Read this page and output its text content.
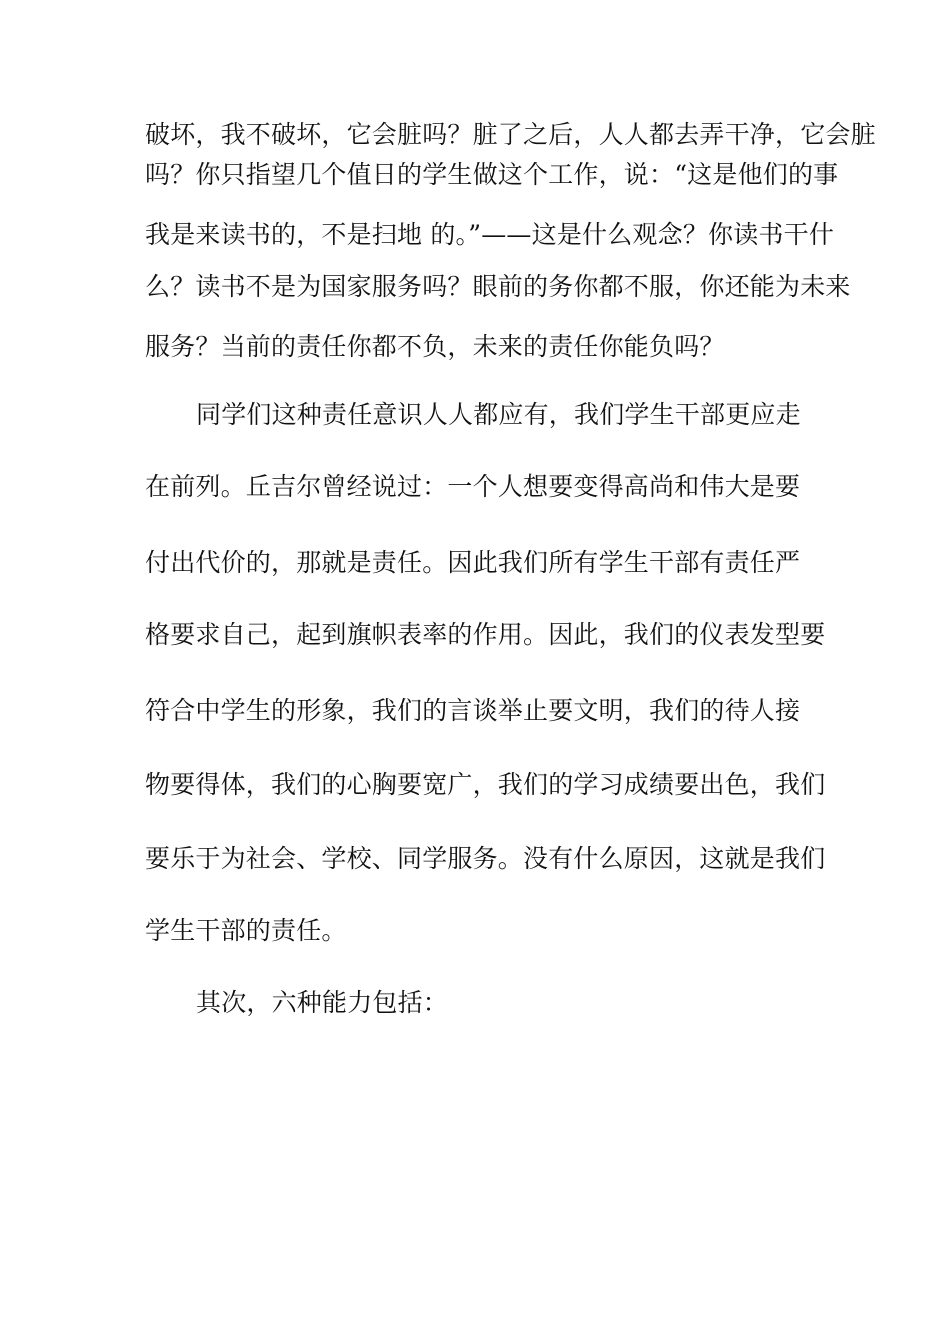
破坏，我不破坏，它会脏吗？脏了之后，人人都去弄干净，它会脏
吗？你只指望几个值日的学生做这个工作，说：“这是他们的事
我是来读书的，不是扫地 的。”——这是什么观念？你读书干什
么？读书不是为国家服务吗？眼前的务你都不服，你还能为未来
服务？当前的责任你都不负，未来的责任你能负吗？
同学们这种责任意识人人都应有，我们学生干部更应走
在前列。丘吉尔曾经说过：一个人想要变得高尚和伟大是要
付出代价的，那就是责任。因此我们所有学生干部有责任严
格要求自己，起到旗帜表率的作用。因此，我们的仪表发型要
符合中学生的形象，我们的言谈举止要文明，我们的待人接
物要得体，我们的心胸要宽广，我们的学习成绩要出色，我们
要乐于为社会、学校、同学服务。没有什么原因，这就是我们
学生干部的责任。
其次，六种能力包括：
